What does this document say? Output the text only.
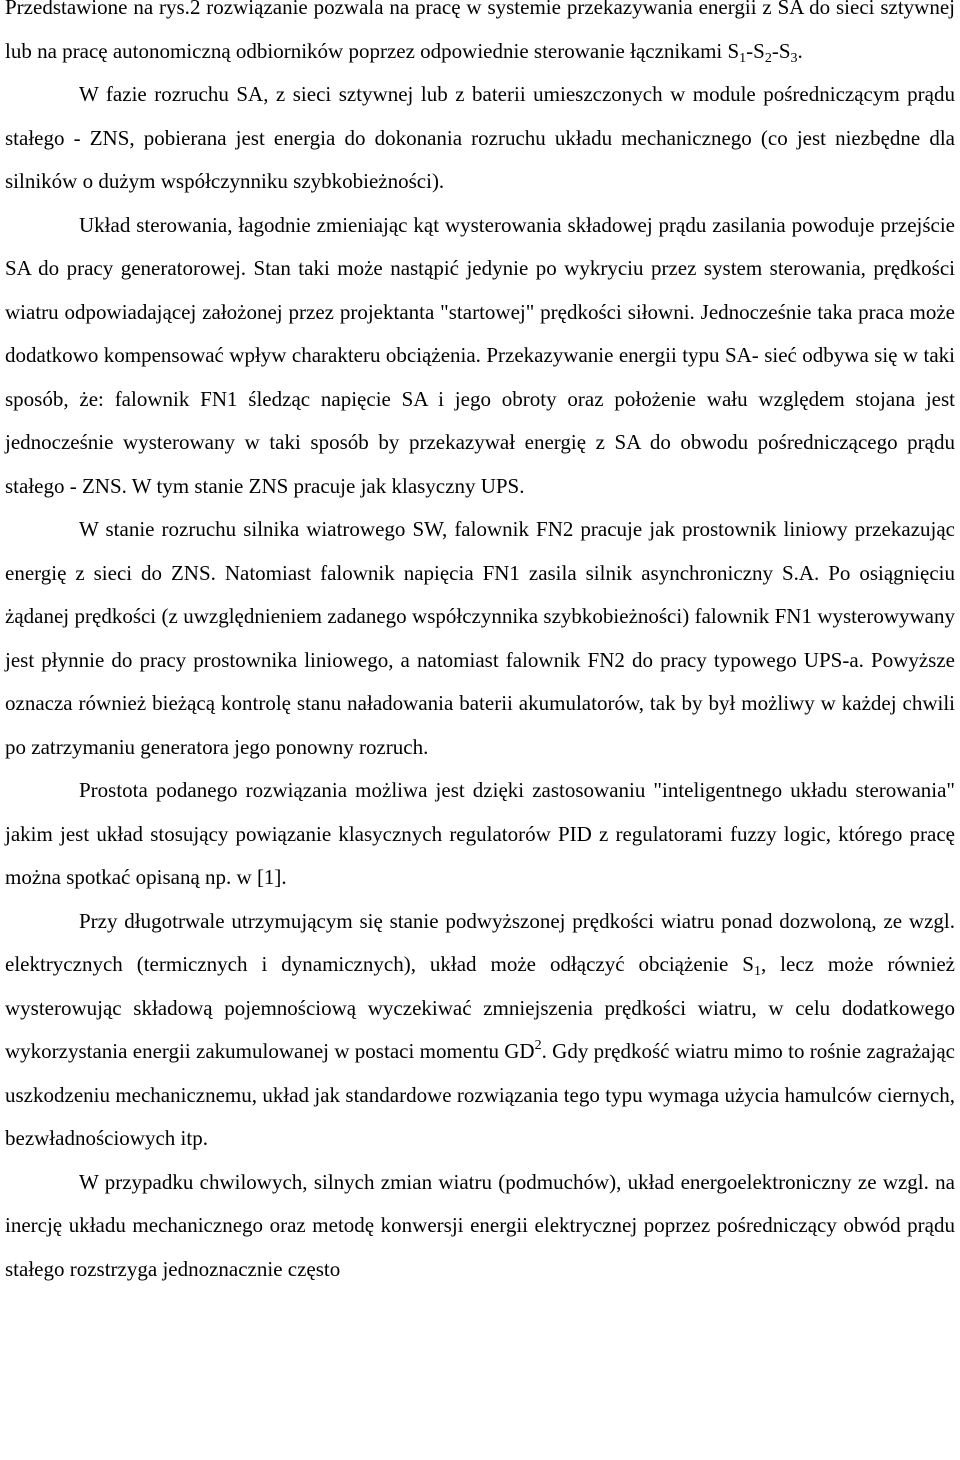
Przedstawione na rys.2 rozwiązanie pozwala na pracę w systemie przekazywania energii z SA do sieci sztywnej lub na pracę autonomiczną odbiorników poprzez odpowiednie sterowanie łącznikami $S_1-S_2-S_3$.

W fazie rozruchu SA, z sieci sztywnej lub z baterii umieszczonych w module pośredniczącym prądu stałego - ZNS, pobierana jest energia do dokonania rozruchu układu mechanicznego (co jest niezbędne dla silników o dużym współczynniku szybkobieżności).

Układ sterowania, łagodnie zmieniając kąt wysterowania składowej prądu zasilania powoduje przejście SA do pracy generatorowej. Stan taki może nastąpić jedynie po wykryciu przez system sterowania, prędkości wiatru odpowiadającej założonej przez projektanta "startowej" prędkości siłowni. Jednocześnie taka praca może dodatkowo kompensować wpływ charakteru obciążenia. Przekazywanie energii typu SA- sieć odbywa się w taki sposób, że: falownik FN1 śledząc napięcie SA i jego obroty oraz położenie wału względem stojana jest jednocześnie wysterowany w taki sposób by przekazywał energię z SA do obwodu pośredniczącego prądu stałego - ZNS. W tym stanie ZNS pracuje jak klasyczny UPS.

W stanie rozruchu silnika wiatrowego SW, falownik FN2 pracuje jak prostownik liniowy przekazując energię z sieci do ZNS. Natomiast falownik napięcia FN1 zasila silnik asynchroniczny S.A. Po osiągnięciu żądanej prędkości (z uwzględnieniem zadanego współczynnika szybkobieżności) falownik FN1 wysterowywany jest płynnie do pracy prostownika liniowego, a natomiast falownik FN2 do pracy typowego UPS-a. Powyższe oznacza również bieżącą kontrolę stanu naładowania baterii akumulatorów, tak by był możliwy w każdej chwili po zatrzymaniu generatora jego ponowny rozruch.

Prostota podanego rozwiązania możliwa jest dzięki zastosowaniu "inteligentnego układu sterowania" jakim jest układ stosujący powiązanie klasycznych regulatorów PID z regulatorami fuzzy logic, którego pracę można spotkać opisaną np. w [1].

Przy długotrwale utrzymującym się stanie podwyższonej prędkości wiatru ponad dozwoloną, ze wzgl. elektrycznych (termicznych i dynamicznych), układ może odłączyć obciążenie $S_1$, lecz może również wysterowując składową pojemnościową wyczekiwać zmniejszenia prędkości wiatru, w celu dodatkowego wykorzystania energii zakumulowanej w postaci momentu $GD^2$. Gdy prędkość wiatru mimo to rośnie zagrażając uszkodzeniu mechanicznemu, układ jak standardowe rozwiązania tego typu wymaga użycia hamulców ciernych, bezwładnościowych itp.

W przypadku chwilowych, silnych zmian wiatru (podmuchów), układ energoelektroniczny ze wzgl. na inercję układu mechanicznego oraz metodę konwersji energii elektrycznej poprzez pośredniczący obwód prądu stałego rozstrzyga jednoznacznie często
